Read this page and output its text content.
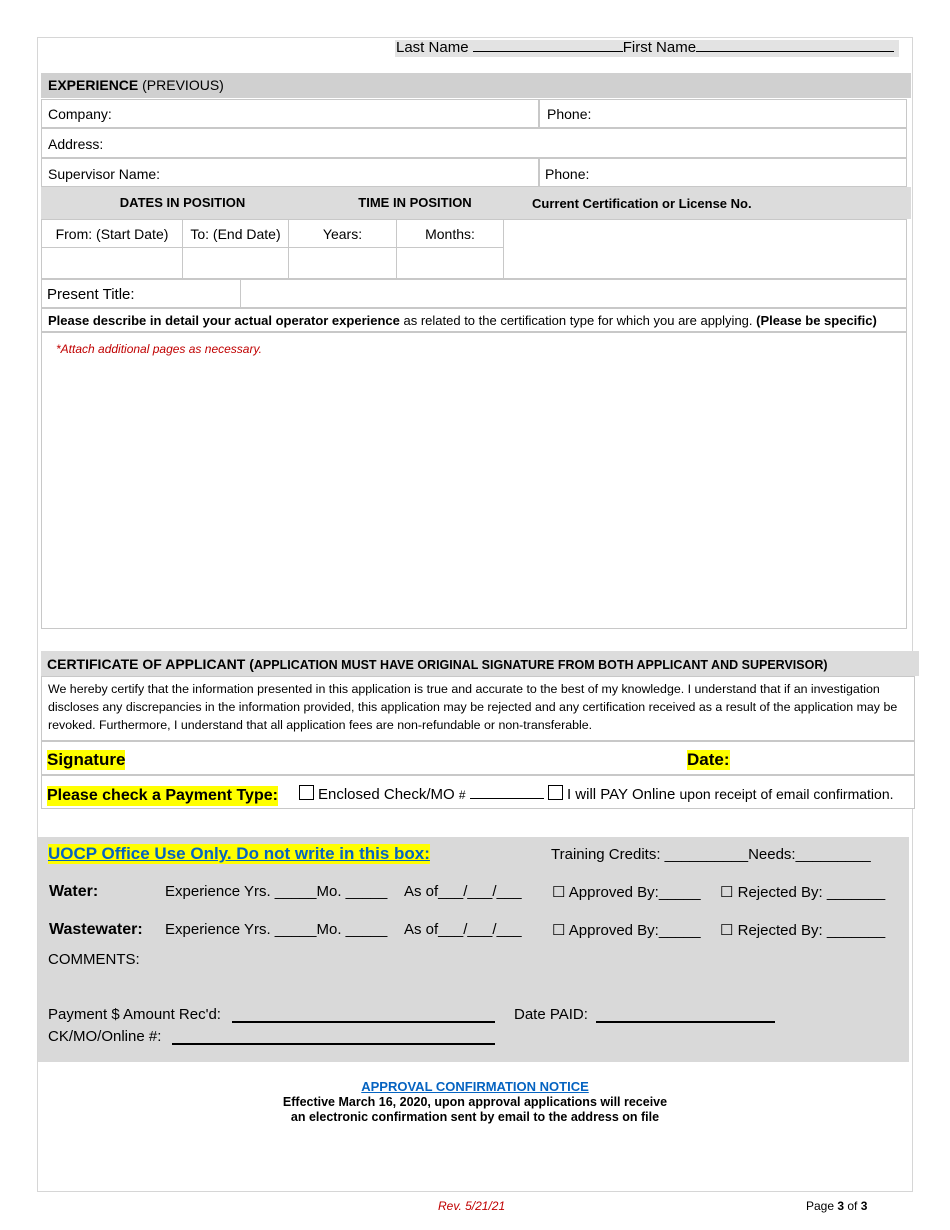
Last Name	First Name
EXPERIENCE (PREVIOUS)
Company:	Phone:
Address:
Supervisor Name:	Phone:
DATES IN POSITION	TIME IN POSITION	Current Certification or License No.
From: (Start Date)	To: (End Date)	Years:	Months:
Present Title:
Please describe in detail your actual operator experience as related to the certification type for which you are applying. (Please be specific)
*Attach additional pages as necessary.
CERTIFICATE OF APPLICANT (APPLICATION MUST HAVE ORIGINAL SIGNATURE FROM BOTH APPLICANT AND SUPERVISOR)
We hereby certify that the information presented in this application is true and accurate to the best of my knowledge. I understand that if an investigation discloses any discrepancies in the information provided, this application may be rejected and any certification received as a result of the application may be revoked. Furthermore, I understand that all application fees are non-refundable or non-transferable.
Signature	Date:
Please check a Payment Type:	Enclosed Check/MO #	I will PAY Online upon receipt of email confirmation.
UOCP Office Use Only. Do not write in this box:	Training Credits: __________Needs:_________
Water:	Experience Yrs. _____Mo. _____ As of___/___/___ ☐ Approved By:_____ ☐ Rejected By: _______
Wastewater: Experience Yrs. _____Mo. _____ As of___/___/___ ☐ Approved By:_____ ☐ Rejected By: _______
COMMENTS:
Payment $ Amount Rec'd:	Date PAID:
CK/MO/Online #:
APPROVAL CONFIRMATION NOTICE
Effective March 16, 2020, upon approval applications will receive
an electronic confirmation sent by email to the address on file
Rev. 5/21/21	Page 3 of 3
